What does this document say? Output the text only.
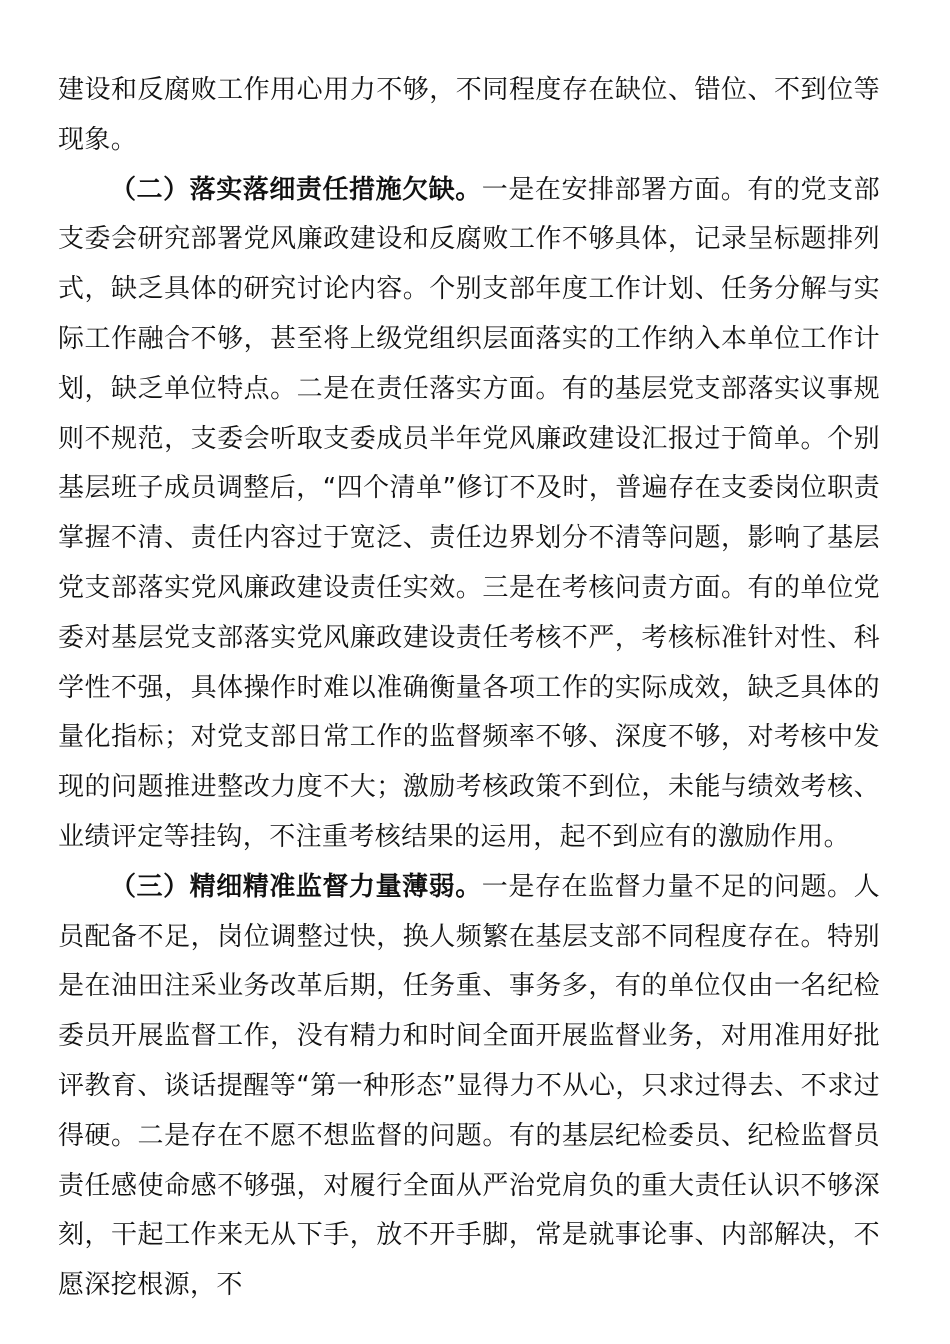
建设和反腐败工作用心用力不够，不同程度存在缺位、错位、不到位等现象。

（二）落实落细责任措施欠缺。一是在安排部署方面。有的党支部支委会研究部署党风廉政建设和反腐败工作不够具体，记录呈标题排列式，缺乏具体的研究讨论内容。个别支部年度工作计划、任务分解与实际工作融合不够，甚至将上级党组织层面落实的工作纳入本单位工作计划，缺乏单位特点。二是在责任落实方面。有的基层党支部落实议事规则不规范，支委会听取支委成员半年党风廉政建设汇报过于简单。个别基层班子成员调整后，“四个清单”修订不及时，普遍存在支委岗位职责掌握不清、责任内容过于宽泛、责任边界划分不清等问题，影响了基层党支部落实党风廉政建设责任实效。三是在考核问责方面。有的单位党委对基层党支部落实党风廉政建设责任考核不严，考核标准针对性、科学性不强，具体操作时难以准确衡量各项工作的实际成效，缺乏具体的量化指标；对党支部日常工作的监督频率不够、深度不够，对考核中发现的问题推进整改力度不大；激励考核政策不到位，未能与绩效考核、业绩评定等挂钩，不注重考核结果的运用，起不到应有的激励作用。

（三）精细精准监督力量薄弱。一是存在监督力量不足的问题。人员配备不足，岗位调整过快，换人频繁在基层支部不同程度存在。特别是在油田注采业务改革后期，任务重、事务多，有的单位仅由一名纪检委员开展监督工作，没有精力和时间全面开展监督业务，对用准用好批评教育、谈话提醒等“第一种形态”显得力不从心，只求过得去、不求过得硬。二是存在不愿不想监督的问题。有的基层纪检委员、纪检监督员责任感使命感不够强，对履行全面从严治党肩负的重大责任认识不够深刻，干起工作来无从下手，放不开手脚，常是就事论事、内部解决，不愿深挖根源，不
